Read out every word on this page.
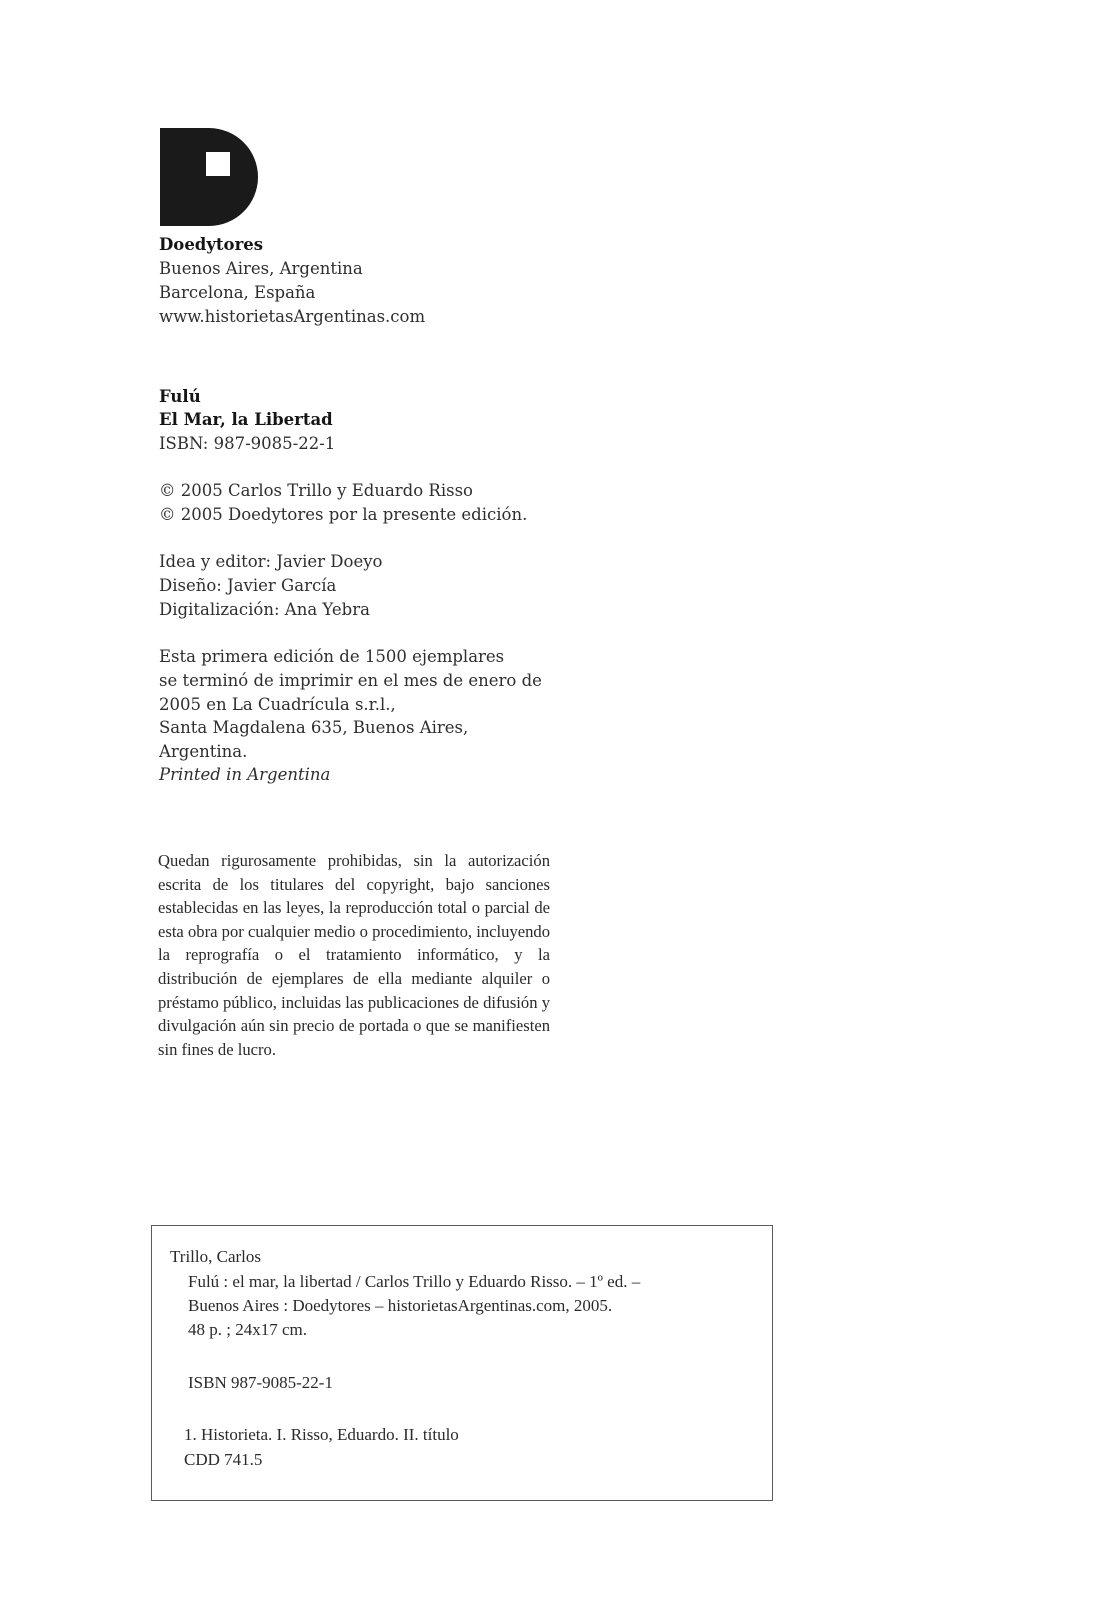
Doedytores
Buenos Aires, Argentina
Barcelona, España
www.historietasArgentinas.com
Fulú
El Mar, la Libertad
ISBN: 987-9085-22-1
© 2005 Carlos Trillo y Eduardo Risso
© 2005 Doedytores por la presente edición.
Idea y editor: Javier Doeyo
Diseño: Javier García
Digitalización: Ana Yebra
Esta primera edición de 1500 ejemplares
se terminó de imprimir en el mes de enero de
2005 en La Cuadrícula s.r.l.,
Santa Magdalena 635, Buenos Aires,
Argentina.
Printed in Argentina

Quedan rigurosamente prohibidas, sin la autorización escrita de los titulares del copyright, bajo sanciones establecidas en las leyes, la reproducción total o parcial de esta obra por cualquier medio o procedimiento, incluyendo la reprografía o el tratamiento informático, y la distribución de ejemplares de ella mediante alquiler o préstamo público, incluidas las publicaciones de difusión y divulgación aún sin precio de portada o que se manifiesten sin fines de lucro.

Trillo, Carlos
Fulú : el mar, la libertad / Carlos Trillo y Eduardo Risso. – 1º ed. –
Buenos Aires : Doedytores – historietasArgentinas.com, 2005.
48 p. ; 24x17 cm.
ISBN 987-9085-22-1
1. Historieta. I. Risso, Eduardo. II. título
CDD 741.5
